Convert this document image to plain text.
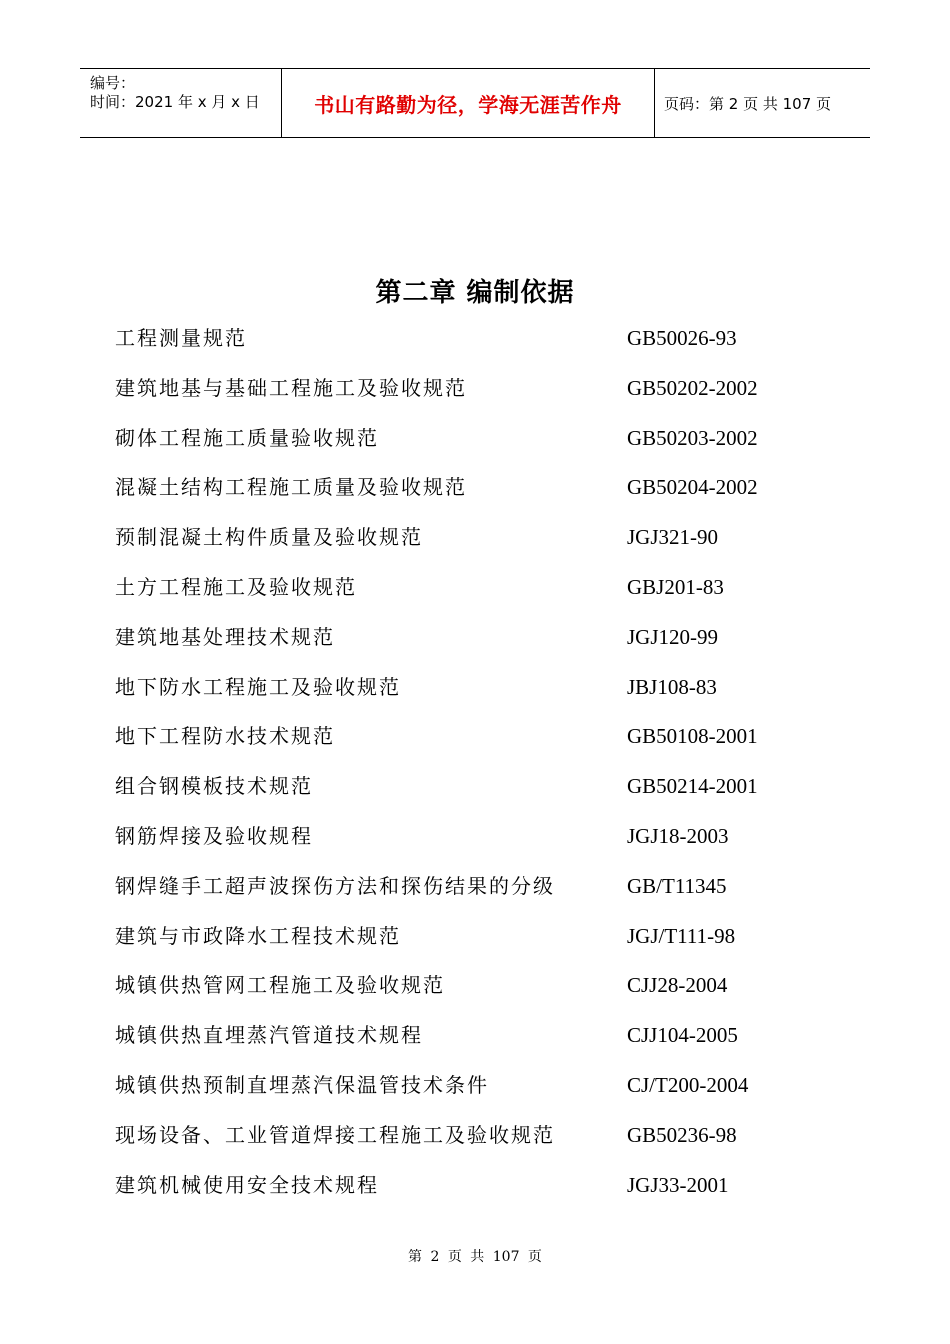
编号：
时间：2021 年 x 月 x 日	书山有路勤为径，学海无涯苦作舟	页码：第 2 页 共 107 页
第二章 编制依据
工程测量规范	GB50026-93
建筑地基与基础工程施工及验收规范	GB50202-2002
砌体工程施工质量验收规范	GB50203-2002
混凝土结构工程施工质量及验收规范	GB50204-2002
预制混凝土构件质量及验收规范	JGJ321-90
土方工程施工及验收规范	GBJ201-83
建筑地基处理技术规范	JGJ120-99
地下防水工程施工及验收规范	JBJ108-83
地下工程防水技术规范	GB50108-2001
组合钢模板技术规范	GB50214-2001
钢筋焊接及验收规程	JGJ18-2003
钢焊缝手工超声波探伤方法和探伤结果的分级	GB/T11345
建筑与市政降水工程技术规范	JGJ/T111-98
城镇供热管网工程施工及验收规范	CJJ28-2004
城镇供热直埋蒸汽管道技术规程	CJJ104-2005
城镇供热预制直埋蒸汽保温管技术条件	CJ/T200-2004
现场设备、工业管道焊接工程施工及验收规范	GB50236-98
建筑机械使用安全技术规程	JGJ33-2001
第 2 页 共 107 页
